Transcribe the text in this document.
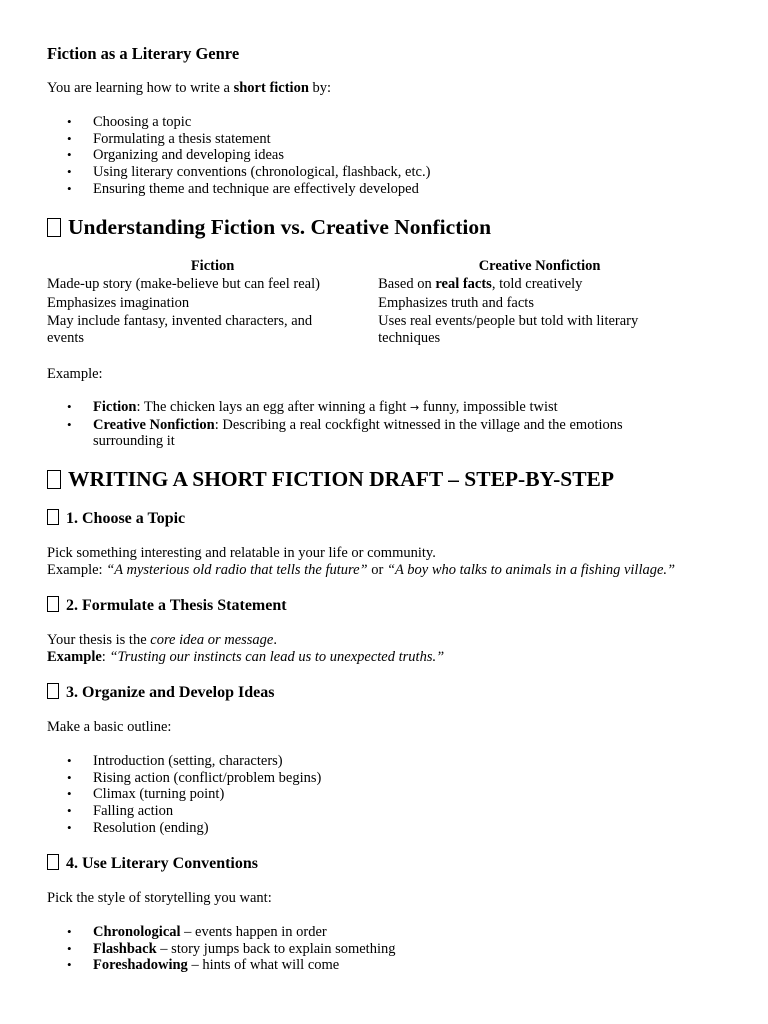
Fiction as a Literary Genre

You are learning how to write a short fiction by:

• Choosing a topic
• Formulating a thesis statement
• Organizing and developing ideas
• Using literary conventions (chronological, flashback, etc.)
• Ensuring theme and technique are effectively developed
Understanding Fiction vs. Creative Nonfiction
Fiction	Creative Nonfiction
Made-up story (make-believe but can feel real)	Based on real facts, told creatively
Emphasizes imagination	Emphasizes truth and facts
May include fantasy, invented characters, and events	Uses real events/people but told with literary techniques

Example:

• Fiction: The chicken lays an egg after winning a fight → funny, impossible twist
• Creative Nonfiction: Describing a real cockfight witnessed in the village and the emotions surrounding it
WRITING A SHORT FICTION DRAFT – STEP-BY-STEP
1. Choose a Topic

Pick something interesting and relatable in your life or community.
Example: “A mysterious old radio that tells the future” or “A boy who talks to animals in a fishing village.”

2. Formulate a Thesis Statement

Your thesis is the core idea or message.
Example: “Trusting our instincts can lead us to unexpected truths.”

3. Organize and Develop Ideas

Make a basic outline:

• Introduction (setting, characters)
• Rising action (conflict/problem begins)
• Climax (turning point)
• Falling action
• Resolution (ending)
4. Use Literary Conventions

Pick the style of storytelling you want:

• Chronological – events happen in order
• Flashback – story jumps back to explain something
• Foreshadowing – hints of what will come
